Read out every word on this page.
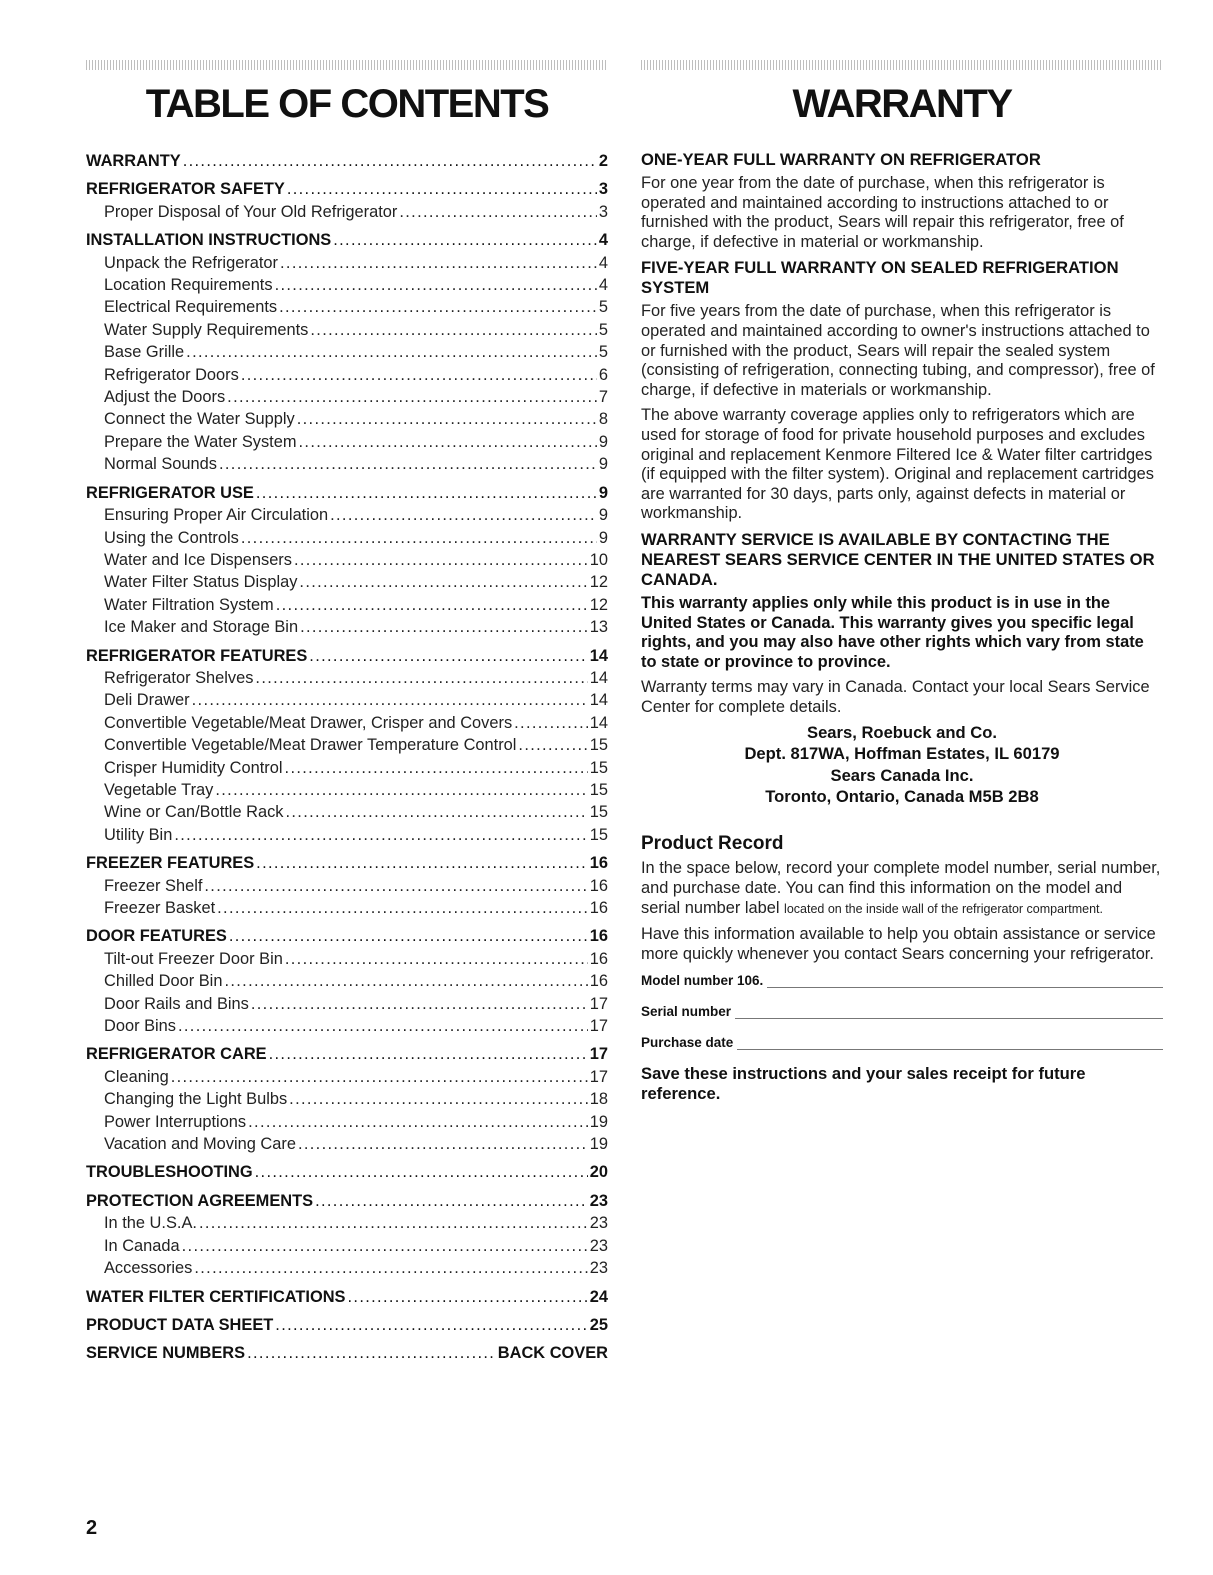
TABLE OF CONTENTS
WARRANTY . . .	2
REFRIGERATOR SAFETY . . .	3
Proper Disposal of Your Old Refrigerator . . .	3
INSTALLATION INSTRUCTIONS . . .	4
Unpack the Refrigerator . . .	4
Location Requirements . . .	4
Electrical Requirements . . .	5
Water Supply Requirements . . .	5
Base Grille . . .	5
Refrigerator Doors . . .	6
Adjust the Doors . . .	7
Connect the Water Supply . . .	8
Prepare the Water System . . .	9
Normal Sounds . . .	9
REFRIGERATOR USE . . .	9
Ensuring Proper Air Circulation . . .	9
Using the Controls . . .	9
Water and Ice Dispensers . . .	10
Water Filter Status Display . . .	12
Water Filtration System . . .	12
Ice Maker and Storage Bin . . .	13
REFRIGERATOR FEATURES . . .	14
Refrigerator Shelves . . .	14
Deli Drawer . . .	14
Convertible Vegetable/Meat Drawer, Crisper and Covers . . .	14
Convertible Vegetable/Meat Drawer Temperature Control . . .	15
Crisper Humidity Control . . .	15
Vegetable Tray . . .	15
Wine or Can/Bottle Rack . . .	15
Utility Bin . . .	15
FREEZER FEATURES . . .	16
Freezer Shelf . . .	16
Freezer Basket . . .	16
DOOR FEATURES . . .	16
Tilt-out Freezer Door Bin . . .	16
Chilled Door Bin . . .	16
Door Rails and Bins . . .	17
Door Bins . . .	17
REFRIGERATOR CARE . . .	17
Cleaning . . .	17
Changing the Light Bulbs . . .	18
Power Interruptions . . .	19
Vacation and Moving Care . . .	19
TROUBLESHOOTING . . .	20
PROTECTION AGREEMENTS . . .	23
In the U.S.A. . . .	23
In Canada . . .	23
Accessories . . .	23
WATER FILTER CERTIFICATIONS . . .	24
PRODUCT DATA SHEET . . .	25
SERVICE NUMBERS . . .	BACK COVER
WARRANTY
ONE-YEAR FULL WARRANTY ON REFRIGERATOR

For one year from the date of purchase, when this refrigerator is operated and maintained according to instructions attached to or furnished with the product, Sears will repair this refrigerator, free of charge, if defective in material or workmanship.

FIVE-YEAR FULL WARRANTY ON SEALED REFRIGERATION SYSTEM

For five years from the date of purchase, when this refrigerator is operated and maintained according to owner's instructions attached to or furnished with the product, Sears will repair the sealed system (consisting of refrigeration, connecting tubing, and compressor), free of charge, if defective in materials or workmanship.

The above warranty coverage applies only to refrigerators which are used for storage of food for private household purposes and excludes original and replacement Kenmore Filtered Ice & Water filter cartridges (if equipped with the filter system). Original and replacement cartridges are warranted for 30 days, parts only, against defects in material or workmanship.

WARRANTY SERVICE IS AVAILABLE BY CONTACTING THE NEAREST SEARS SERVICE CENTER IN THE UNITED STATES OR CANADA.

This warranty applies only while this product is in use in the United States or Canada. This warranty gives you specific legal rights, and you may also have other rights which vary from state to state or province to province.

Warranty terms may vary in Canada. Contact your local Sears Service Center for complete details.

Sears, Roebuck and Co.
Dept. 817WA, Hoffman Estates, IL 60179
Sears Canada Inc.
Toronto, Ontario, Canada M5B 2B8
Product Record

In the space below, record your complete model number, serial number, and purchase date. You can find this information on the model and serial number label located on the inside wall of the refrigerator compartment.

Have this information available to help you obtain assistance or service more quickly whenever you contact Sears concerning your refrigerator.

Model number 106.
Serial number
Purchase date
Save these instructions and your sales receipt for future reference.
2
